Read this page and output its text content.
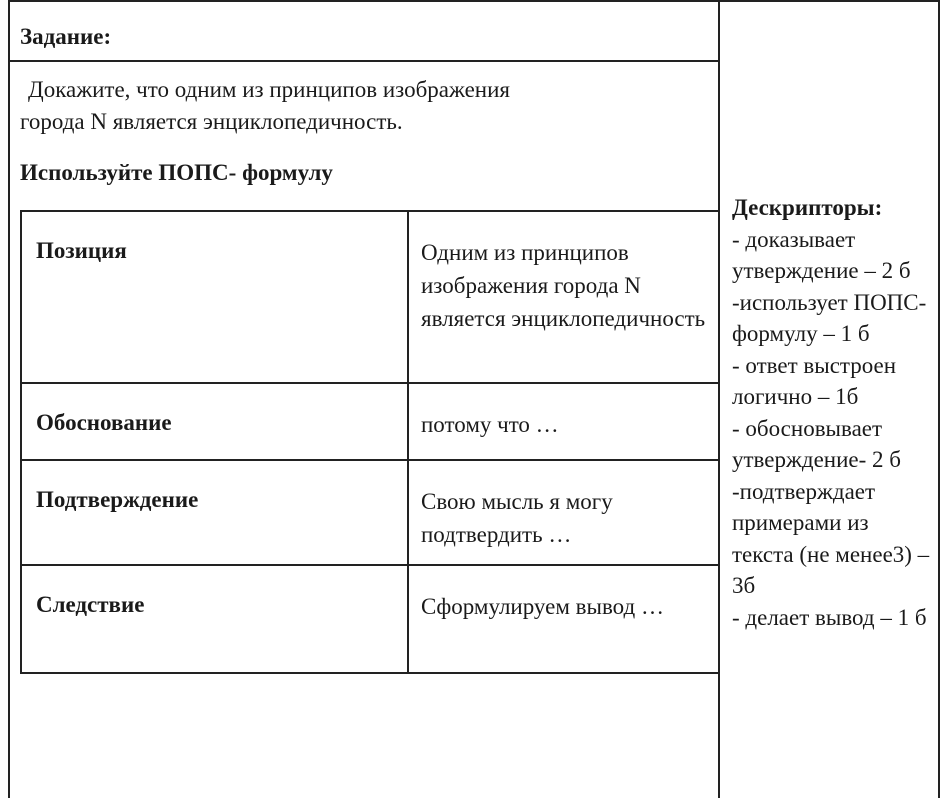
Задание:
Докажите, что одним из принципов изображения
города N является энциклопедичность.
Используйте ПОПС- формулу
Позиция	Одним из принципов изображения города N является энциклопедичность
Обоснование	потому что …
Подтверждение	Свою мысль я могу подтвердить …
Следствие	Сформулируем вывод …
Дескрипторы:
- доказывает утверждение – 2 б
-использует ПОПС-формулу – 1 б
- ответ выстроен логично – 1б
- обосновывает утверждение- 2 б
-подтверждает примерами из текста (не менее3) – 3б
- делает вывод – 1 б
